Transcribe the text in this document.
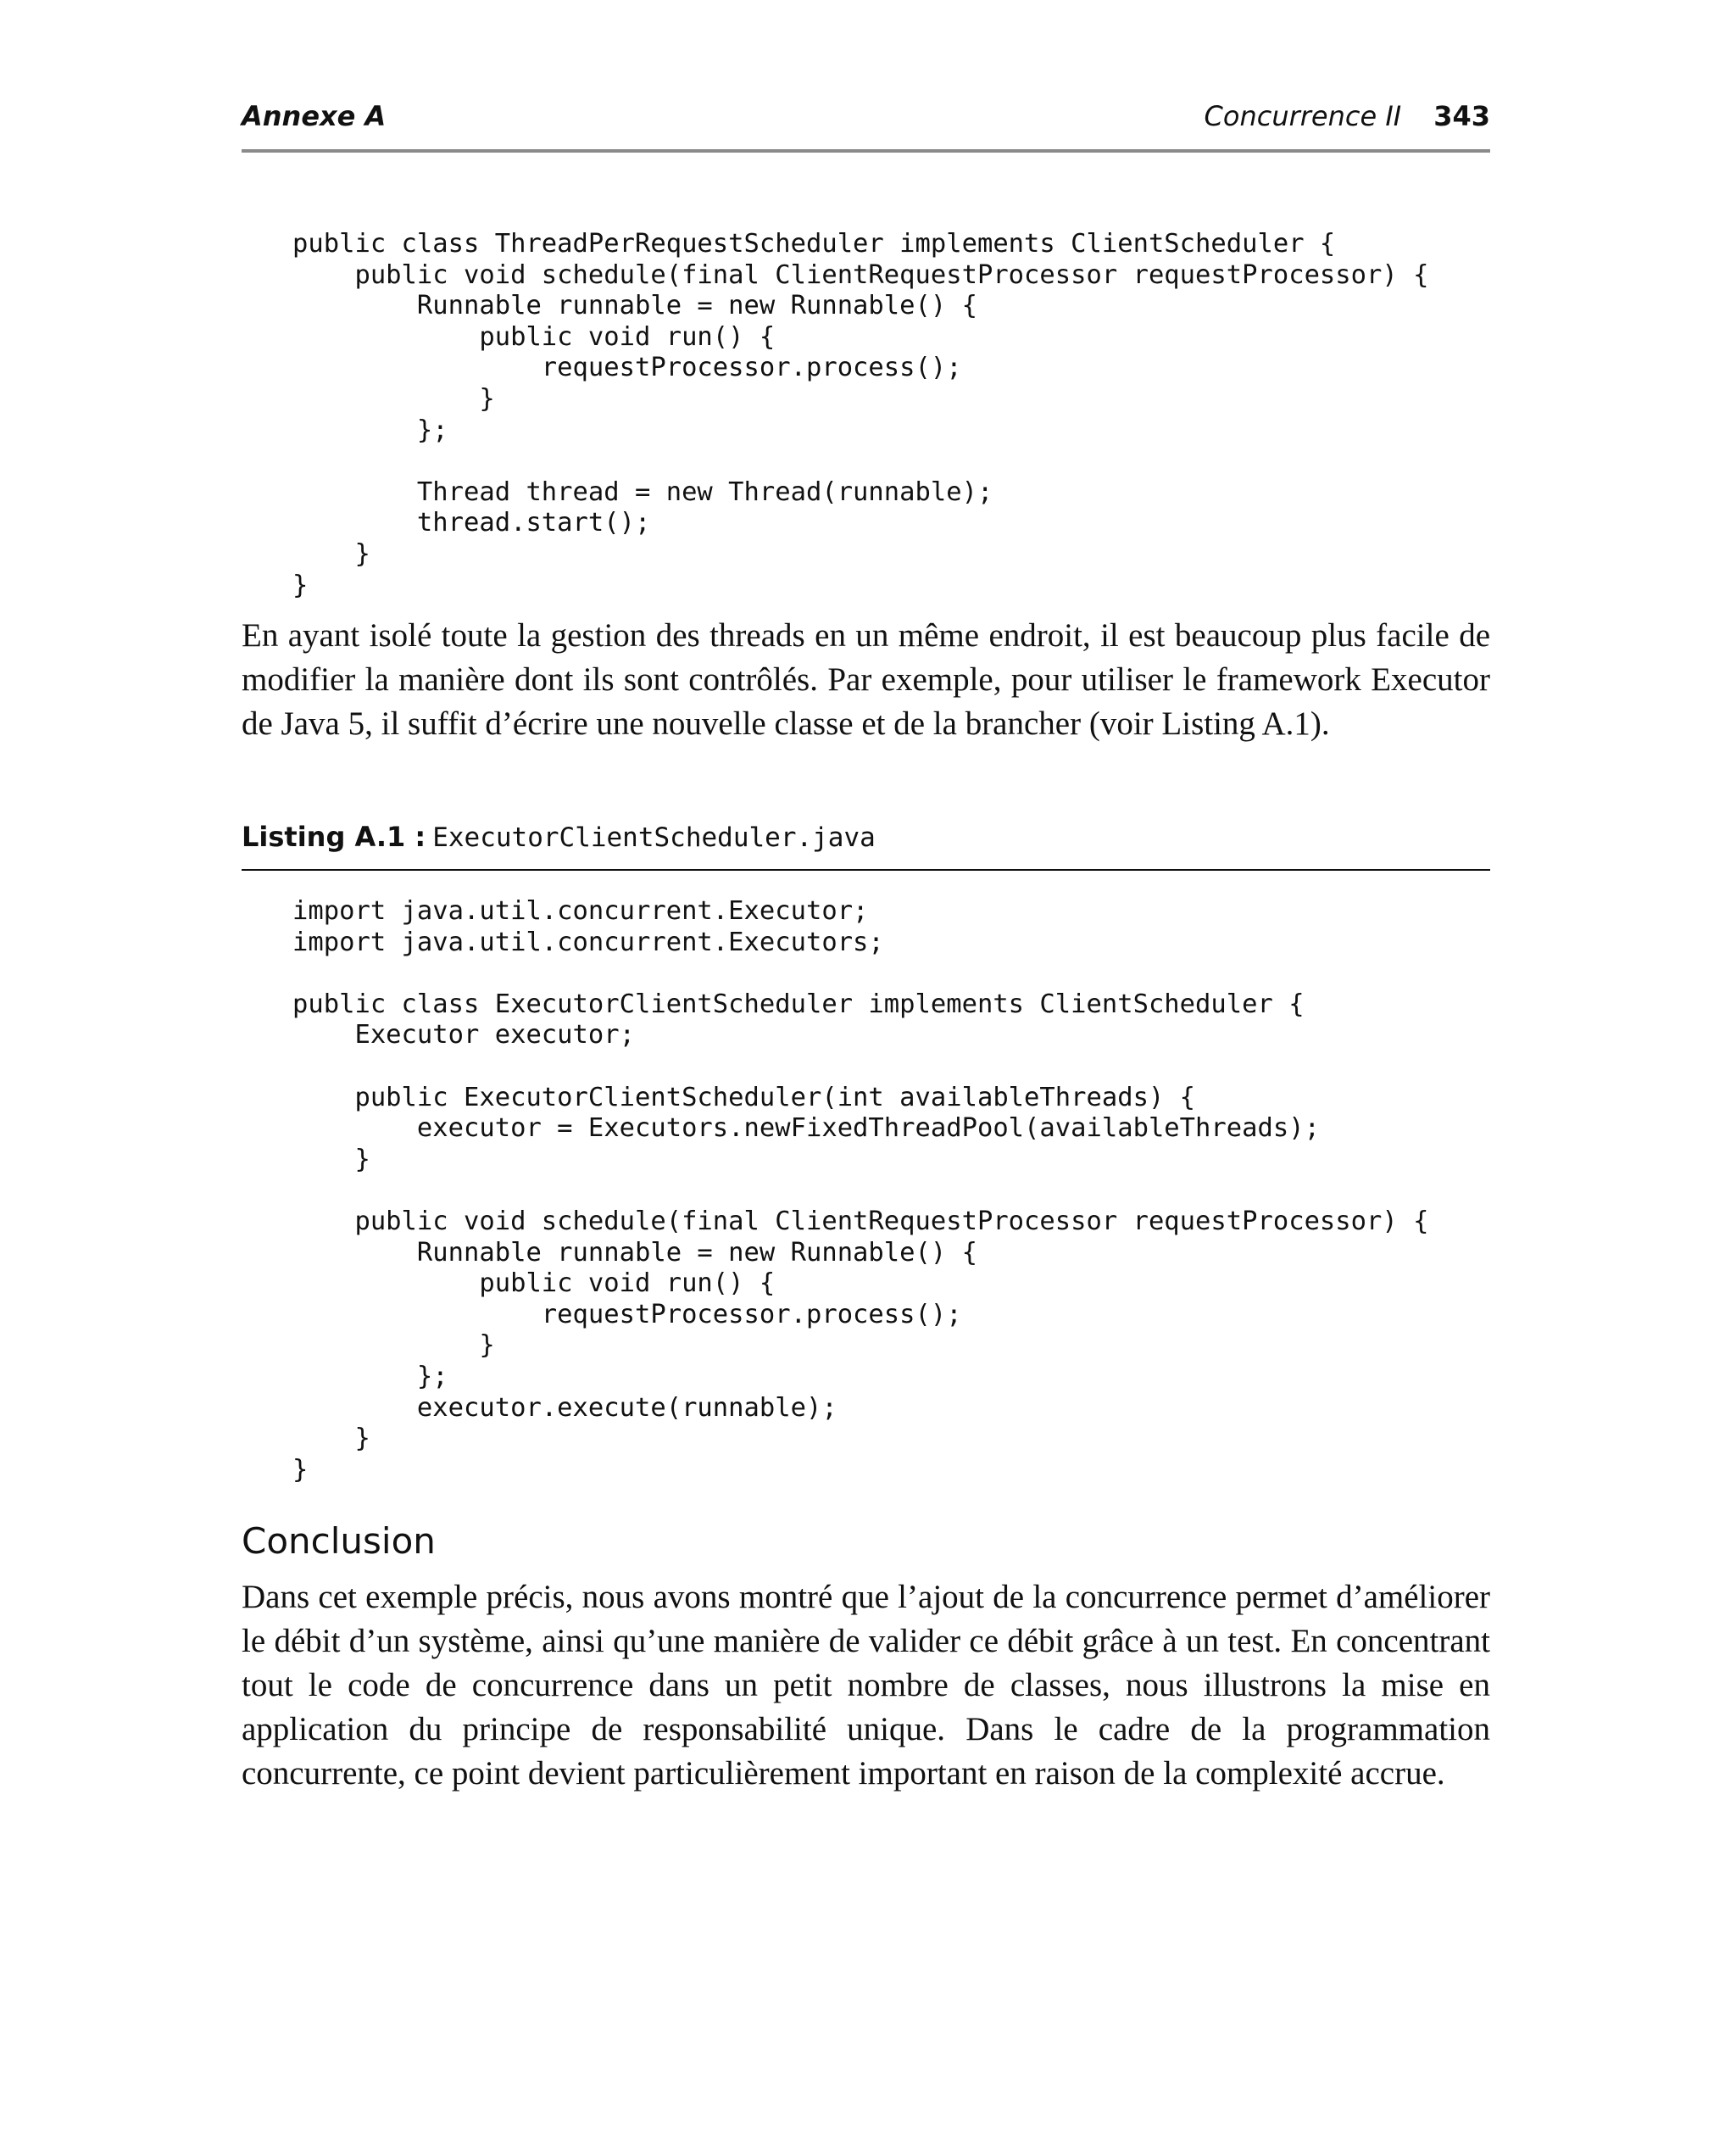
Annexe A	Concurrence II 343
public class ThreadPerRequestScheduler implements ClientScheduler {
public void schedule(final ClientRequestProcessor requestProcessor) {
Runnable runnable = new Runnable() {
public void run() {
requestProcessor.process();
}
};

Thread thread = new Thread(runnable);
thread.start();
}
}

En ayant isolé toute la gestion des threads en un même endroit, il est beaucoup plus facile de modifier la manière dont ils sont contrôlés. Par exemple, pour utiliser le framework Executor de Java 5, il suffit d’écrire une nouvelle classe et de la brancher (voir Listing A.1).

Listing A.1 : ExecutorClientScheduler.java
import java.util.concurrent.Executor;
import java.util.concurrent.Executors;

public class ExecutorClientScheduler implements ClientScheduler {
Executor executor;

public ExecutorClientScheduler(int availableThreads) {
executor = Executors.newFixedThreadPool(availableThreads);
}

public void schedule(final ClientRequestProcessor requestProcessor) {
Runnable runnable = new Runnable() {
public void run() {
requestProcessor.process();
}
};
executor.execute(runnable);
}
}
Conclusion

Dans cet exemple précis, nous avons montré que l’ajout de la concurrence permet d’améliorer le débit d’un système, ainsi qu’une manière de valider ce débit grâce à un test. En concentrant tout le code de concurrence dans un petit nombre de classes, nous illustrons la mise en application du principe de responsabilité unique. Dans le cadre de la programmation concurrente, ce point devient particulièrement important en raison de la complexité accrue.
